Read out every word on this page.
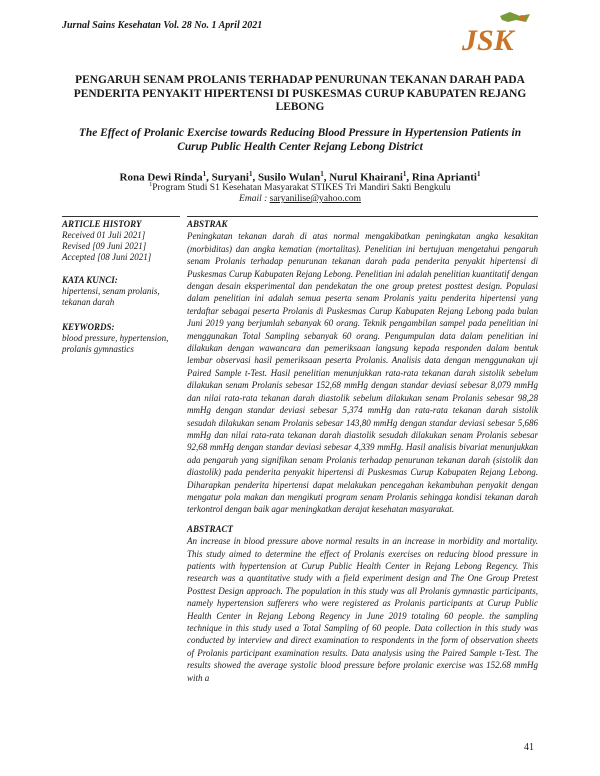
Jurnal Sains Kesehatan Vol. 28 No. 1 April 2021	JSK
PENGARUH SENAM PROLANIS TERHADAP PENURUNAN TEKANAN DARAH PADA PENDERITA PENYAKIT HIPERTENSI DI PUSKESMAS CURUP KABUPATEN REJANG LEBONG
The Effect of Prolanic Exercise towards Reducing Blood Pressure in Hypertension Patients in Curup Public Health Center Rejang Lebong District
Rona Dewi Rinda$^1$, Suryani$^1$, Susilo Wulan$^1$, Nurul Khairani$^1$, Rina Aprianti$^1$
$^1$Program Studi S1 Kesehatan Masyarakat STIKES Tri Mandiri Sakti Bengkulu
Email : saryanilise@yahoo.com
ARTICLE HISTORY
Received 01 Juli 2021]
Revised [09 Juni 2021]
Accepted [08 Juni 2021]
KATA KUNCI:
hipertensi, senam prolanis, tekanan darah
KEYWORDS:
blood pressure, hypertension, prolanis gymnastics
ABSTRAK

Peningkatan tekanan darah di atas normal mengakibatkan peningkatan angka kesakitan (morbiditas) dan angka kematian (mortalitas). Penelitian ini bertujuan mengetahui pengaruh senam Prolanis terhadap penurunan tekanan darah pada penderita penyakit hipertensi di Puskesmas Curup Kabupaten Rejang Lebong. Penelitian ini adalah penelitian kuantitatif dengan dengan desain eksperimental dan pendekatan the one group pretest posttest design. Populasi dalam penelitian ini adalah semua peserta senam Prolanis yaitu penderita hipertensi yang terdaftar sebagai peserta Prolanis di Puskesmas Curup Kabupaten Rejang Lebong pada bulan Juni 2019 yang berjumlah sebanyak 60 orang. Teknik pengambilan sampel pada penelitian ini menggunakan Total Sampling sebanyak 60 orang. Pengumpulan data dalam penelitian ini dilakukan dengan wawancara dan pemeriksaan langsung kepada responden dalam bentuk lembar observasi hasil pemeriksaan peserta Prolanis. Analisis data dengan menggunakan uji Paired Sample t-Test. Hasil penelitian menunjukkan rata-rata tekanan darah sistolik sebelum dilakukan senam Prolanis sebesar 152,68 mmHg dengan standar deviasi sebesar 8,079 mmHg dan nilai rata-rata tekanan darah diastolik sebelum dilakukan senam Prolanis sebesar 98,28 mmHg dengan standar deviasi sebesar 5,374 mmHg dan rata-rata tekanan darah sistolik sesudah dilakukan senam Prolanis sebesar 143,80 mmHg dengan standar deviasi sebesar 5,686 mmHg dan nilai rata-rata tekanan darah diastolik sesudah dilakukan senam Prolanis sebesar 92,68 mmHg dengan standar deviasi sebesar 4,339 mmHg. Hasil analisis bivariat menunjukkan ada pengaruh yang signifikan senam Prolanis terhadap penurunan tekanan darah (sistolik dan diastolik) pada penderita penyakit hipertensi di Puskesmas Curup Kabupaten Rejang Lebong. Diharapkan penderita hipertensi dapat melakukan pencegahan kekambuhan penyakit dengan mengatur pola makan dan mengikuti program senam Prolanis sehingga kondisi tekanan darah terkontrol dengan baik agar meningkatkan derajat kesehatan masyarakat.

ABSTRACT

An increase in blood pressure above normal results in an increase in morbidity and mortality. This study aimed to determine the effect of Prolanis exercises on reducing blood pressure in patients with hypertension at Curup Public Health Center in Rejang Lebong Regency. This research was a quantitative study with a field experiment design and The One Group Pretest Posttest Design approach. The population in this study was all Prolanis gymnastic participants, namely hypertension sufferers who were registered as Prolanis participants at Curup Public Health Center in Rejang Lebong Regency in June 2019 totaling 60 people. the sampling technique in this study used a Total Sampling of 60 people. Data collection in this study was conducted by interview and direct examination to respondents in the form of observation sheets of Prolanis participant examination results. Data analysis using the Paired Sample t-Test. The results showed the average systolic blood pressure before prolanic exercise was 152.68 mmHg with a

41
